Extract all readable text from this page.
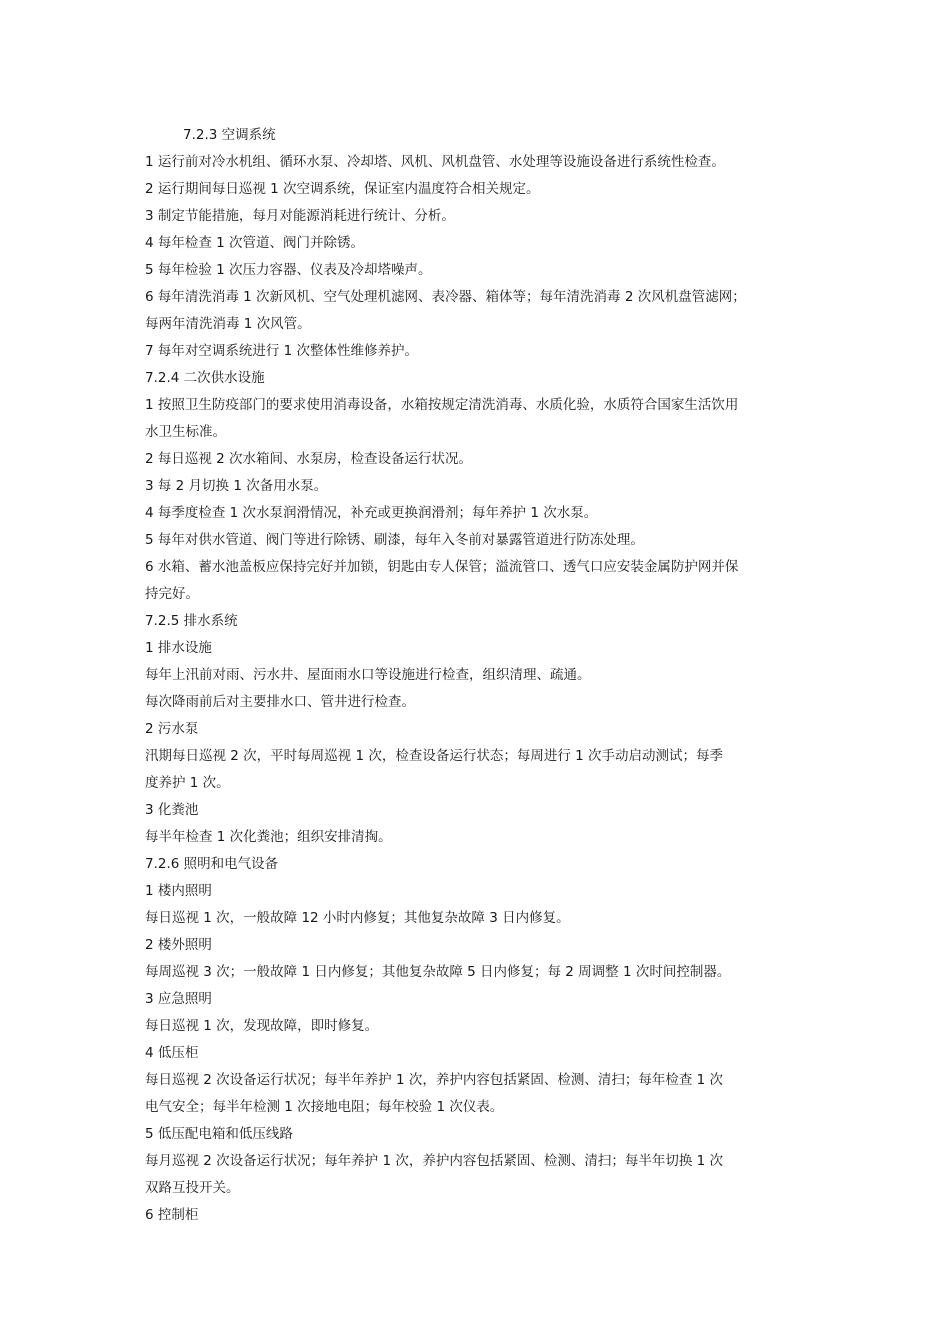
7.2.3 空调系统

1 运行前对冷水机组、循环水泵、冷却塔、风机、风机盘管、水处理等设施设备进行系统性检查。

2 运行期间每日巡视 1 次空调系统，保证室内温度符合相关规定。

3 制定节能措施，每月对能源消耗进行统计、分析。

4 每年检查 1 次管道、阀门并除锈。

5 每年检验 1 次压力容器、仪表及冷却塔噪声。

6 每年清洗消毒 1 次新风机、空气处理机滤网、表冷器、箱体等；每年清洗消毒 2 次风机盘管滤网；

每两年清洗消毒 1 次风管。

7 每年对空调系统进行 1 次整体性维修养护。

7.2.4 二次供水设施

1 按照卫生防疫部门的要求使用消毒设备，水箱按规定清洗消毒、水质化验，水质符合国家生活饮用

水卫生标准。

2 每日巡视 2 次水箱间、水泵房，检查设备运行状况。

3 每 2 月切换 1 次备用水泵。

4 每季度检查 1 次水泵润滑情况，补充或更换润滑剂；每年养护 1 次水泵。

5 每年对供水管道、阀门等进行除锈、刷漆，每年入冬前对暴露管道进行防冻处理。

6 水箱、蓄水池盖板应保持完好并加锁，钥匙由专人保管；溢流管口、透气口应安装金属防护网并保

持完好。

7.2.5 排水系统

1 排水设施

每年上汛前对雨、污水井、屋面雨水口等设施进行检查，组织清理、疏通。

每次降雨前后对主要排水口、管井进行检查。

2 污水泵

汛期每日巡视 2 次，平时每周巡视 1 次，检查设备运行状态；每周进行 1 次手动启动测试；每季

度养护 1 次。

3 化粪池

每半年检查 1 次化粪池；组织安排清掏。

7.2.6 照明和电气设备

1 楼内照明

每日巡视 1 次，一般故障 12 小时内修复；其他复杂故障 3 日内修复。

2 楼外照明

每周巡视 3 次；一般故障 1 日内修复；其他复杂故障 5 日内修复；每 2 周调整 1 次时间控制器。

3 应急照明

每日巡视 1 次，发现故障，即时修复。

4 低压柜

每日巡视 2 次设备运行状况；每半年养护 1 次，养护内容包括紧固、检测、清扫；每年检查 1 次

电气安全；每半年检测 1 次接地电阻；每年校验 1 次仪表。

5 低压配电箱和低压线路

每月巡视 2 次设备运行状况；每年养护 1 次，养护内容包括紧固、检测、清扫；每半年切换 1 次

双路互投开关。

6 控制柜
